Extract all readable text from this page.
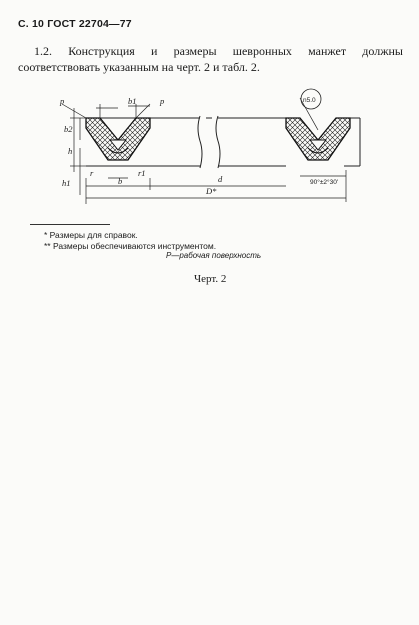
С. 10 ГОСТ 22704—77
1.2. Конструкция и размеры шевронных манжет должны соответствовать указанным на черт. 2 и табл. 2.
n5.0
p	p
b1
b2
h
h1
r	r1
b	d
D*
90°±2°30'
* Размеры для справок.
** Размеры обеспечиваются инструментом.
P—рабочая поверхность
Черт. 2
